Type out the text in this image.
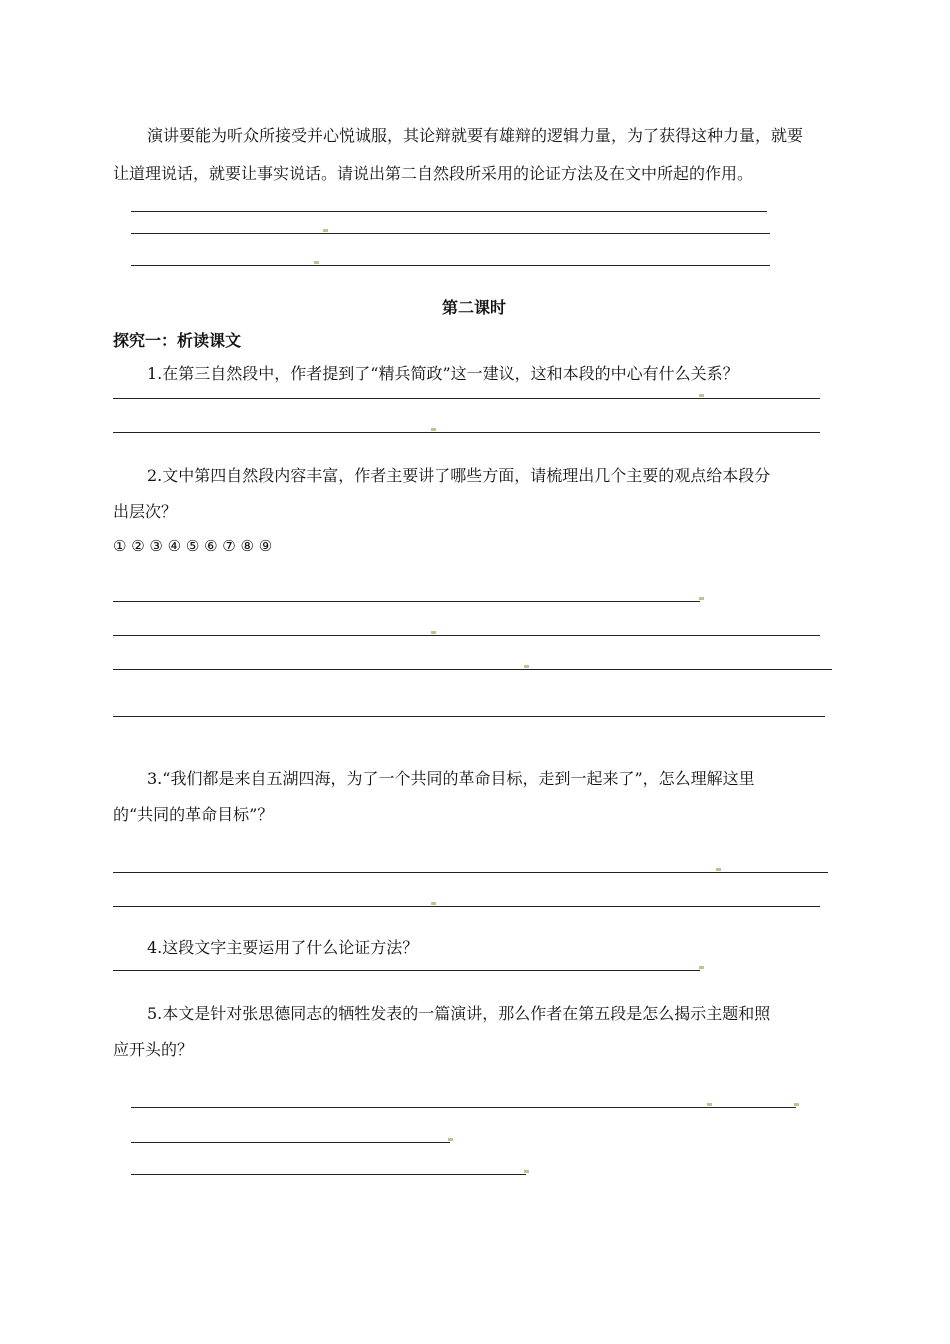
演讲要能为听众所接受并心悦诚服，其论辩就要有雄辩的逻辑力量，为了获得这种力量，就要
让道理说话，就要让事实说话。请说出第二自然段所采用的论证方法及在文中所起的作用。
第二课时
探究一：析读课文
1.在第三自然段中，作者提到了“精兵简政”这一建议，这和本段的中心有什么关系？
2.文中第四自然段内容丰富，作者主要讲了哪些方面，请梳理出几个主要的观点给本段分
出层次？
① ② ③ ④ ⑤ ⑥ ⑦ ⑧ ⑨
3.“我们都是来自五湖四海，为了一个共同的革命目标，走到一起来了”，怎么理解这里
的“共同的革命目标”？
4.这段文字主要运用了什么论证方法？
5.本文是针对张思德同志的牺牲发表的一篇演讲，那么作者在第五段是怎么揭示主题和照
应开头的？
